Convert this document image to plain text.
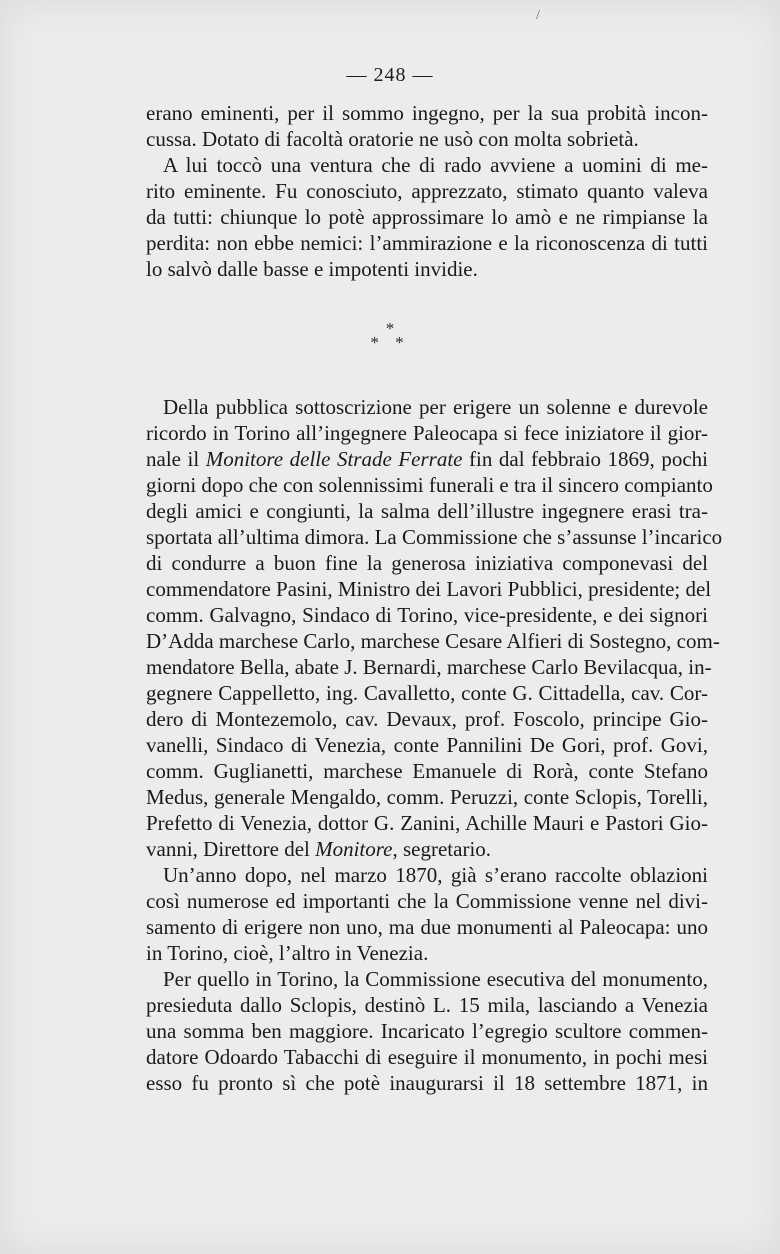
/
— 248 —
erano eminenti, per il sommo ingegno, per la sua probità incon-
cussa. Dotato di facoltà oratorie ne usò con molta sobrietà.
A lui toccò una ventura che di rado avviene a uomini di me-
rito eminente. Fu conosciuto, apprezzato, stimato quanto valeva
da tutti: chiunque lo potè approssimare lo amò e ne rimpianse la
perdita: non ebbe nemici: l’ammirazione e la riconoscenza di tutti
lo salvò dalle basse e impotenti invidie.
*
* *
Della pubblica sottoscrizione per erigere un solenne e durevole
ricordo in Torino all’ingegnere Paleocapa si fece iniziatore il gior-
nale il Monitore delle Strade Ferrate fin dal febbraio 1869, pochi
giorni dopo che con solennissimi funerali e tra il sincero compianto
degli amici e congiunti, la salma dell’illustre ingegnere erasi tra-
sportata all’ultima dimora. La Commissione che s’assunse l’incarico
di condurre a buon fine la generosa iniziativa componevasi del
commendatore Pasini, Ministro dei Lavori Pubblici, presidente; del
comm. Galvagno, Sindaco di Torino, vice-presidente, e dei signori
D’Adda marchese Carlo, marchese Cesare Alfieri di Sostegno, com-
mendatore Bella, abate J. Bernardi, marchese Carlo Bevilacqua, in-
gegnere Cappelletto, ing. Cavalletto, conte G. Cittadella, cav. Cor-
dero di Montezemolo, cav. Devaux, prof. Foscolo, principe Gio-
vanelli, Sindaco di Venezia, conte Pannilini De Gori, prof. Govi,
comm. Guglianetti, marchese Emanuele di Rorà, conte Stefano
Medus, generale Mengaldo, comm. Peruzzi, conte Sclopis, Torelli,
Prefetto di Venezia, dottor G. Zanini, Achille Mauri e Pastori Gio-
vanni, Direttore del Monitore, segretario.
Un’anno dopo, nel marzo 1870, già s’erano raccolte oblazioni
così numerose ed importanti che la Commissione venne nel divi-
samento di erigere non uno, ma due monumenti al Paleocapa: uno
in Torino, cioè, l’altro in Venezia.
Per quello in Torino, la Commissione esecutiva del monumento,
presieduta dallo Sclopis, destinò L. 15 mila, lasciando a Venezia
una somma ben maggiore. Incaricato l’egregio scultore commen-
datore Odoardo Tabacchi di eseguire il monumento, in pochi mesi
esso fu pronto sì che potè inaugurarsi il 18 settembre 1871, in
